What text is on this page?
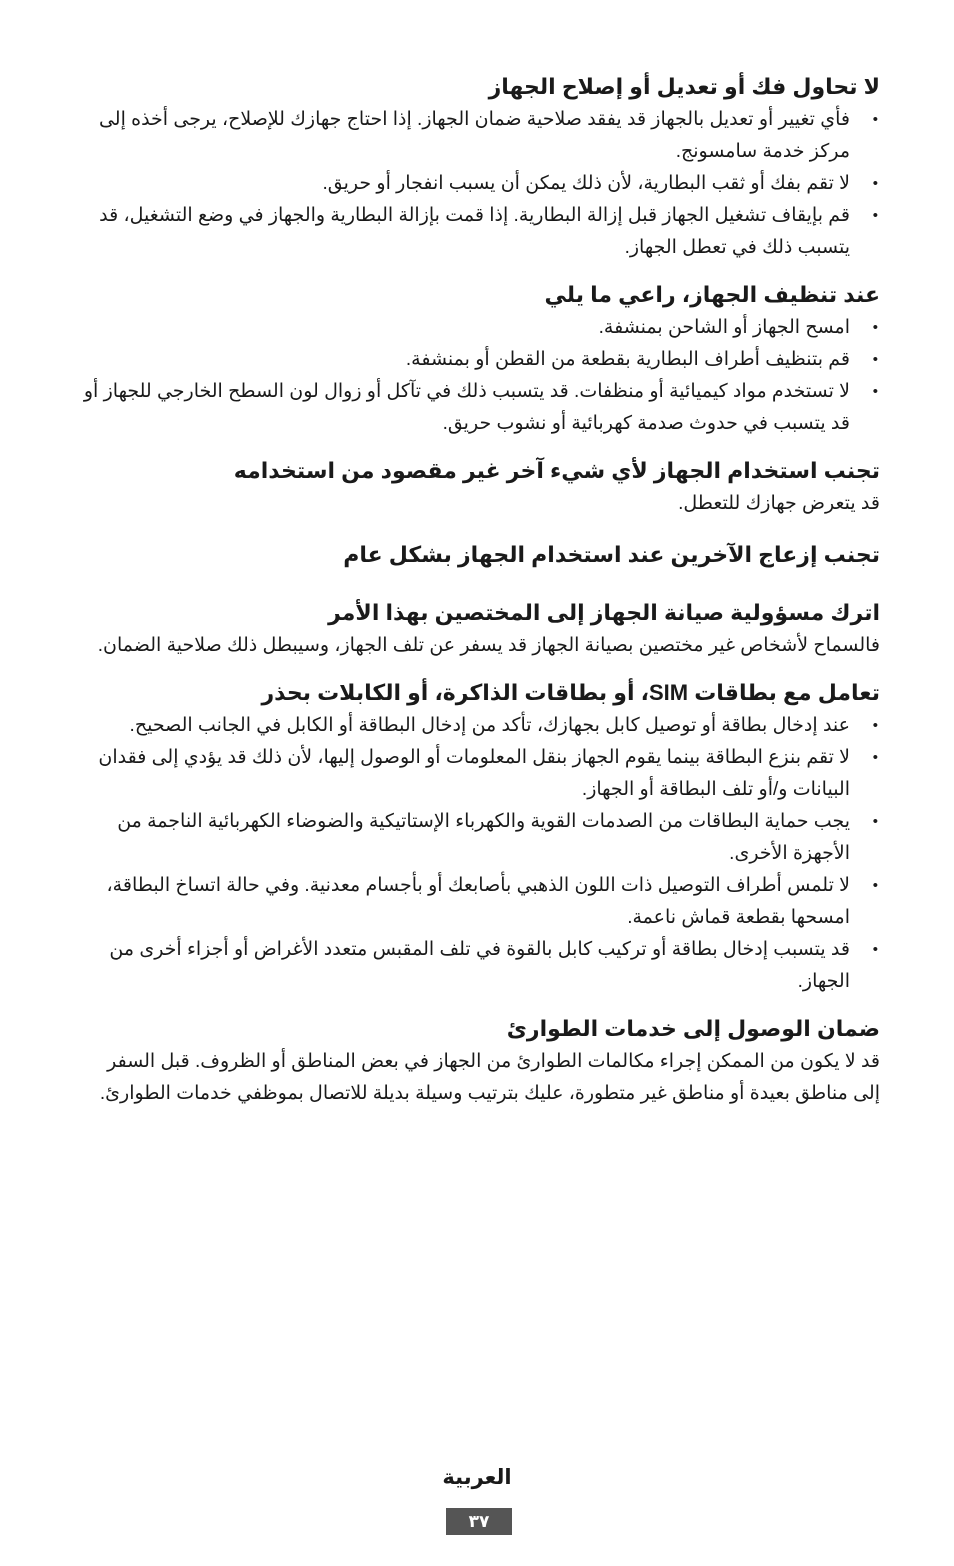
لا تحاول فك أو تعديل أو إصلاح الجهاز
• فأي تغيير أو تعديل بالجهاز قد يفقد صلاحية ضمان الجهاز. إذا احتاج جهازك للإصلاح، يرجى أخذه إلى مركز خدمة سامسونج.
• لا تقم بفك أو ثقب البطارية، لأن ذلك يمكن أن يسبب انفجار أو حريق.
• قم بإيقاف تشغيل الجهاز قبل إزالة البطارية. إذا قمت بإزالة البطارية والجهاز في وضع التشغيل، قد يتسبب ذلك في تعطل الجهاز.
عند تنظيف الجهاز، راعي ما يلي
• امسح الجهاز أو الشاحن بمنشفة.
• قم بتنظيف أطراف البطارية بقطعة من القطن أو بمنشفة.
• لا تستخدم مواد كيميائية أو منظفات. قد يتسبب ذلك في تآكل أو زوال لون السطح الخارجي للجهاز أو قد يتسبب في حدوث صدمة كهربائية أو نشوب حريق.
تجنب استخدام الجهاز لأي شيء آخر غير مقصود من استخدامه

قد يتعرض جهازك للتعطل.

تجنب إزعاج الآخرين عند استخدام الجهاز بشكل عام
اترك مسؤولية صيانة الجهاز إلى المختصين بهذا الأمر

فالسماح لأشخاص غير مختصين بصيانة الجهاز قد يسفر عن تلف الجهاز، وسيبطل ذلك صلاحية الضمان.

تعامل مع بطاقات SIM، أو بطاقات الذاكرة، أو الكابلات بحذر
• عند إدخال بطاقة أو توصيل كابل بجهازك، تأكد من إدخال البطاقة أو الكابل في الجانب الصحيح.
• لا تقم بنزع البطاقة بينما يقوم الجهاز بنقل المعلومات أو الوصول إليها، لأن ذلك قد يؤدي إلى فقدان البيانات و/أو تلف البطاقة أو الجهاز.
• يجب حماية البطاقات من الصدمات القوية والكهرباء الإستاتيكية والضوضاء الكهربائية الناجمة من الأجهزة الأخرى.
• لا تلمس أطراف التوصيل ذات اللون الذهبي بأصابعك أو بأجسام معدنية. وفي حالة اتساخ البطاقة، امسحها بقطعة قماش ناعمة.
• قد يتسبب إدخال بطاقة أو تركيب كابل بالقوة في تلف المقبس متعدد الأغراض أو أجزاء أخرى من الجهاز.
ضمان الوصول إلى خدمات الطوارئ

قد لا يكون من الممكن إجراء مكالمات الطوارئ من الجهاز في بعض المناطق أو الظروف. قبل السفر إلى مناطق بعيدة أو مناطق غير متطورة، عليك بترتيب وسيلة بديلة للاتصال بموظفي خدمات الطوارئ.

العربية
٣٧
